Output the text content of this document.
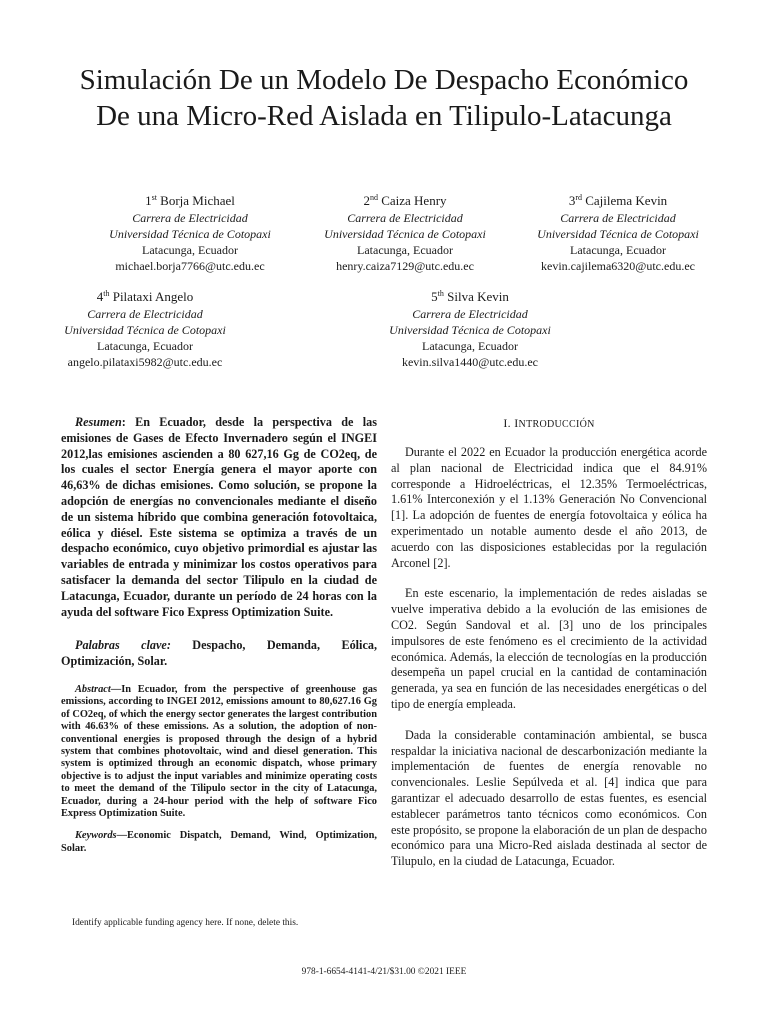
Simulación De un Modelo De Despacho Económico
De una Micro-Red Aislada en Tilipulo-Latacunga
1st Borja Michael
Carrera de Electricidad
Universidad Técnica de Cotopaxi
Latacunga, Ecuador
michael.borja7766@utc.edu.ec
2nd Caiza Henry
Carrera de Electricidad
Universidad Técnica de Cotopaxi
Latacunga, Ecuador
henry.caiza7129@utc.edu.ec
3rd Cajilema Kevin
Carrera de Electricidad
Universidad Técnica de Cotopaxi
Latacunga, Ecuador
kevin.cajilema6320@utc.edu.ec
4th Pilataxi Angelo
Carrera de Electricidad
Universidad Técnica de Cotopaxi
Latacunga, Ecuador
angelo.pilataxi5982@utc.edu.ec
5th Silva Kevin
Carrera de Electricidad
Universidad Técnica de Cotopaxi
Latacunga, Ecuador
kevin.silva1440@utc.edu.ec

Resumen: En Ecuador, desde la perspectiva de las emisiones de Gases de Efecto Invernadero según el INGEI 2012,las emisiones ascienden a 80 627,16 Gg de CO2eq, de los cuales el sector Energía genera el mayor aporte con 46,63% de dichas emisiones. Como solución, se propone la adopción de energías no convencionales mediante el diseño de un sistema híbrido que combina generación fotovoltaica, eólica y diésel. Este sistema se optimiza a través de un despacho económico, cuyo objetivo primordial es ajustar las variables de entrada y minimizar los costos operativos para satisfacer la demanda del sector Tilipulo en la ciudad de Latacunga, Ecuador, durante un período de 24 horas con la ayuda del software Fico Express Optimization Suite.

Palabras clave: Despacho, Demanda, Eólica, Optimización, Solar.

Abstract—In Ecuador, from the perspective of greenhouse gas emissions, according to INGEI 2012, emissions amount to 80,627.16 Gg of CO2eq, of which the energy sector generates the largest contribution with 46.63% of these emissions. As a solution, the adoption of non-conventional energies is proposed through the design of a hybrid system that combines photovoltaic, wind and diesel generation. This system is optimized through an economic dispatch, whose primary objective is to adjust the input variables and minimize operating costs to meet the demand of the Tilipulo sector in the city of Latacunga, Ecuador, during a 24-hour period with the help of software Fico Express Optimization Suite.

Keywords—Economic Dispatch, Demand, Wind, Optimization, Solar.

I. INTRODUCCIÓN

Durante el 2022 en Ecuador la producción energética acorde al plan nacional de Electricidad indica que el 84.91% corresponde a Hidroeléctricas, el 12.35% Termoeléctricas, 1.61% Interconexión y el 1.13% Generación No Convencional [1]. La adopción de fuentes de energía fotovoltaica y eólica ha experimentado un notable aumento desde el año 2013, de acuerdo con las disposiciones establecidas por la regulación Arconel [2].

En este escenario, la implementación de redes aisladas se vuelve imperativa debido a la evolución de las emisiones de CO2. Según Sandoval et al. [3] uno de los principales impulsores de este fenómeno es el crecimiento de la actividad económica. Además, la elección de tecnologías en la producción desempeña un papel crucial en la cantidad de contaminación generada, ya sea en función de las necesidades energéticas o del tipo de energía empleada.

Dada la considerable contaminación ambiental, se busca respaldar la iniciativa nacional de descarbonización mediante la implementación de fuentes de energía renovable no convencionales. Leslie Sepúlveda et al. [4] indica que para garantizar el adecuado desarrollo de estas fuentes, es esencial establecer parámetros tanto técnicos como económicos. Con este propósito, se propone la elaboración de un plan de despacho económico para una Micro-Red aislada destinada al sector de Tilupulo, en la ciudad de Latacunga, Ecuador.

Identify applicable funding agency here. If none, delete this.
978-1-6654-4141-4/21/$31.00 ©2021 IEEE
